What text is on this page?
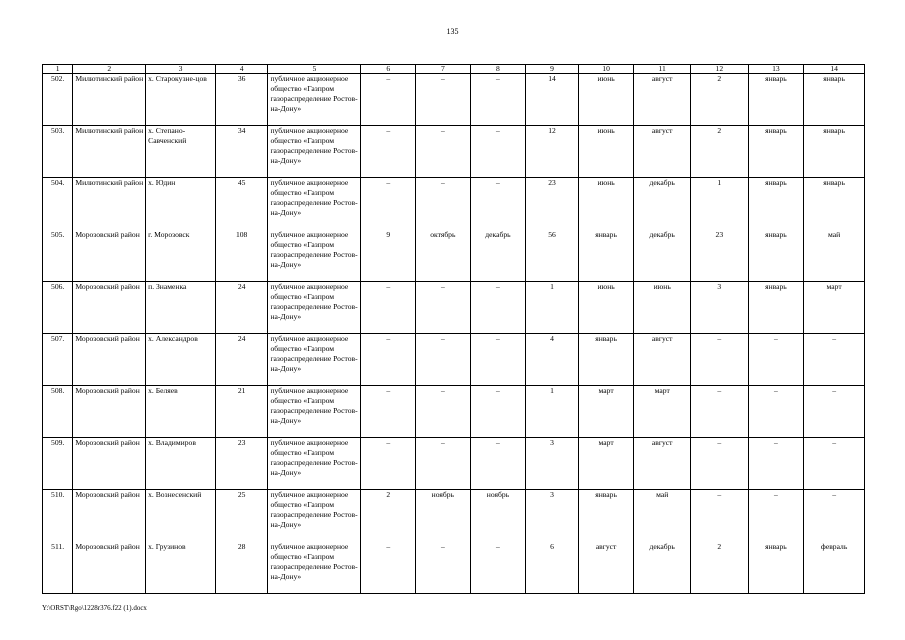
135
1	2	3	4	5	6	7	8	9	10	11	12	13	14
502.	Милютинский район	х. Старокузне-цов	36	публичное акционерное общество «Газпром газораспределение Ростов-на-Дону»	–	–	–	14	июнь	август	2	январь	январь
503.	Милютинский район	х. Степано-Савченский	34	публичное акционерное общество «Газпром газораспределение Ростов-на-Дону»	–	–	–	12	июнь	август	2	январь	январь
504.	Милютинский район	х. Юдин	45	публичное акционерное общество «Газпром газораспределение Ростов-на-Дону»	–	–	–	23	июнь	декабрь	1	январь	январь
505.	Морозовский район	г. Морозовск	108	публичное акционерное общество «Газпром газораспределение Ростов-на-Дону»	9	октябрь	декабрь	56	январь	декабрь	23	январь	май
506.	Морозовский район	п. Знаменка	24	публичное акционерное общество «Газпром газораспределение Ростов-на-Дону»	–	–	–	1	июнь	июнь	3	январь	март
507.	Морозовский район	х. Александров	24	публичное акционерное общество «Газпром газораспределение Ростов-на-Дону»	–	–	–	4	январь	август	–	–	–
508.	Морозовский район	х. Беляев	21	публичное акционерное общество «Газпром газораспределение Ростов-на-Дону»	–	–	–	1	март	март	–	–	–
509.	Морозовский район	х. Владимиров	23	публичное акционерное общество «Газпром газораспределение Ростов-на-Дону»	–	–	–	3	март	август	–	–	–
510.	Морозовский район	х. Вознесенский	25	публичное акционерное общество «Газпром газораспределение Ростов-на-Дону»	2	ноябрь	ноябрь	3	январь	май	–	–	–
511.	Морозовский район	х. Грузинов	28	публичное акционерное общество «Газпром газораспределение Ростов-на-Дону»	–	–	–	6	август	декабрь	2	январь	февраль
Y:\ORST\Rgo\1228r376.f22 (1).docx
